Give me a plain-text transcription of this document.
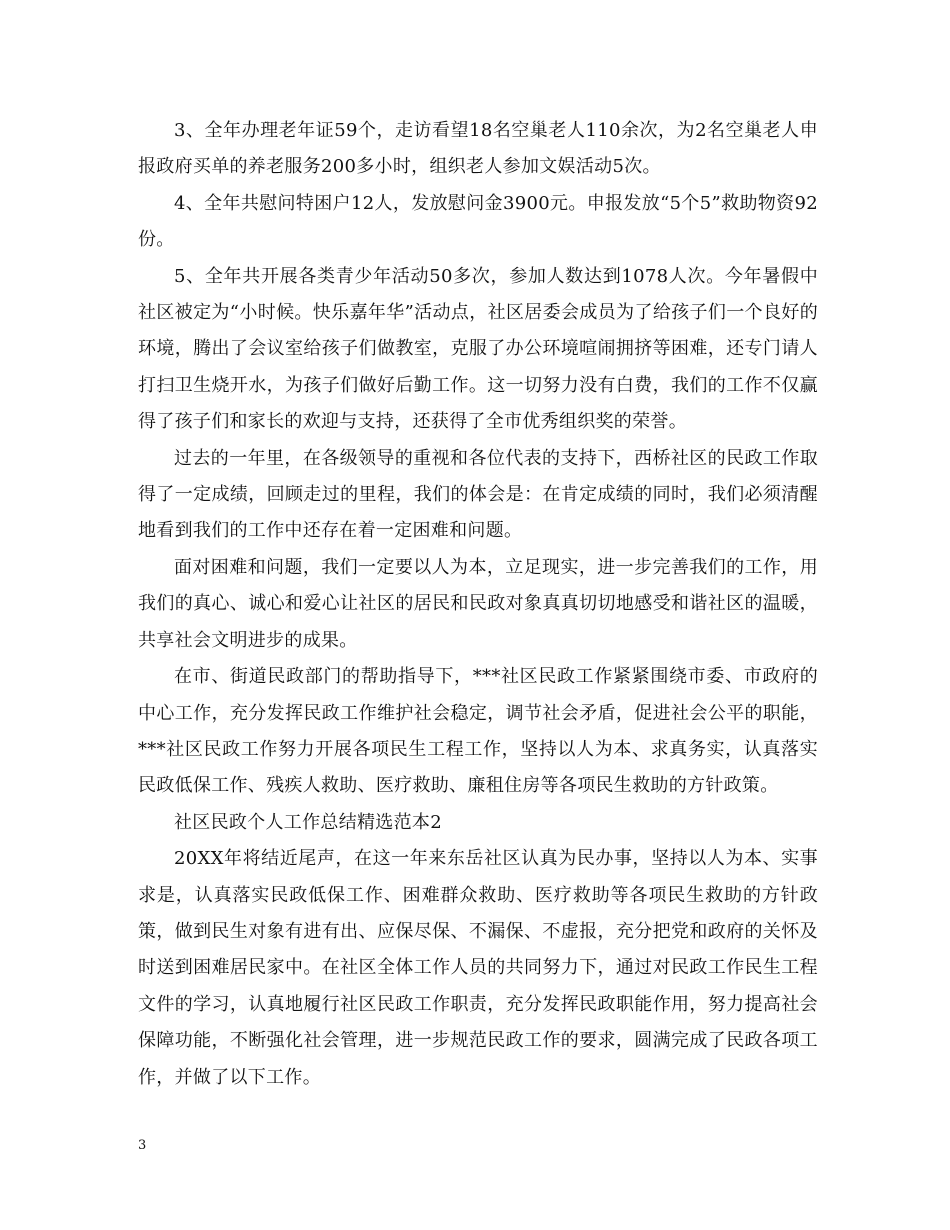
3、全年办理老年证59个，走访看望18名空巢老人110余次，为2名空巢老人申报政府买单的养老服务200多小时，组织老人参加文娱活动5次。

4、全年共慰问特困户12人，发放慰问金3900元。申报发放“5个5”救助物资92份。

5、全年共开展各类青少年活动50多次，参加人数达到1078人次。今年暑假中社区被定为“小时候。快乐嘉年华”活动点，社区居委会成员为了给孩子们一个良好的环境，腾出了会议室给孩子们做教室，克服了办公环境喧闹拥挤等困难，还专门请人打扫卫生烧开水，为孩子们做好后勤工作。这一切努力没有白费，我们的工作不仅赢得了孩子们和家长的欢迎与支持，还获得了全市优秀组织奖的荣誉。

过去的一年里，在各级领导的重视和各位代表的支持下，西桥社区的民政工作取得了一定成绩，回顾走过的里程，我们的体会是：在肯定成绩的同时，我们必须清醒地看到我们的工作中还存在着一定困难和问题。

面对困难和问题，我们一定要以人为本，立足现实，进一步完善我们的工作，用我们的真心、诚心和爱心让社区的居民和民政对象真真切切地感受和谐社区的温暖，共享社会文明进步的成果。

在市、街道民政部门的帮助指导下，***社区民政工作紧紧围绕市委、市政府的中心工作，充分发挥民政工作维护社会稳定，调节社会矛盾，促进社会公平的职能，***社区民政工作努力开展各项民生工程工作，坚持以人为本、求真务实，认真落实民政低保工作、残疾人救助、医疗救助、廉租住房等各项民生救助的方针政策。

社区民政个人工作总结精选范本2

20XX年将结近尾声，在这一年来东岳社区认真为民办事，坚持以人为本、实事求是，认真落实民政低保工作、困难群众救助、医疗救助等各项民生救助的方针政策，做到民生对象有进有出、应保尽保、不漏保、不虚报，充分把党和政府的关怀及时送到困难居民家中。在社区全体工作人员的共同努力下，通过对民政工作民生工程文件的学习，认真地履行社区民政工作职责，充分发挥民政职能作用，努力提高社会保障功能，不断强化社会管理，进一步规范民政工作的要求，圆满完成了民政各项工作，并做了以下工作。

3
